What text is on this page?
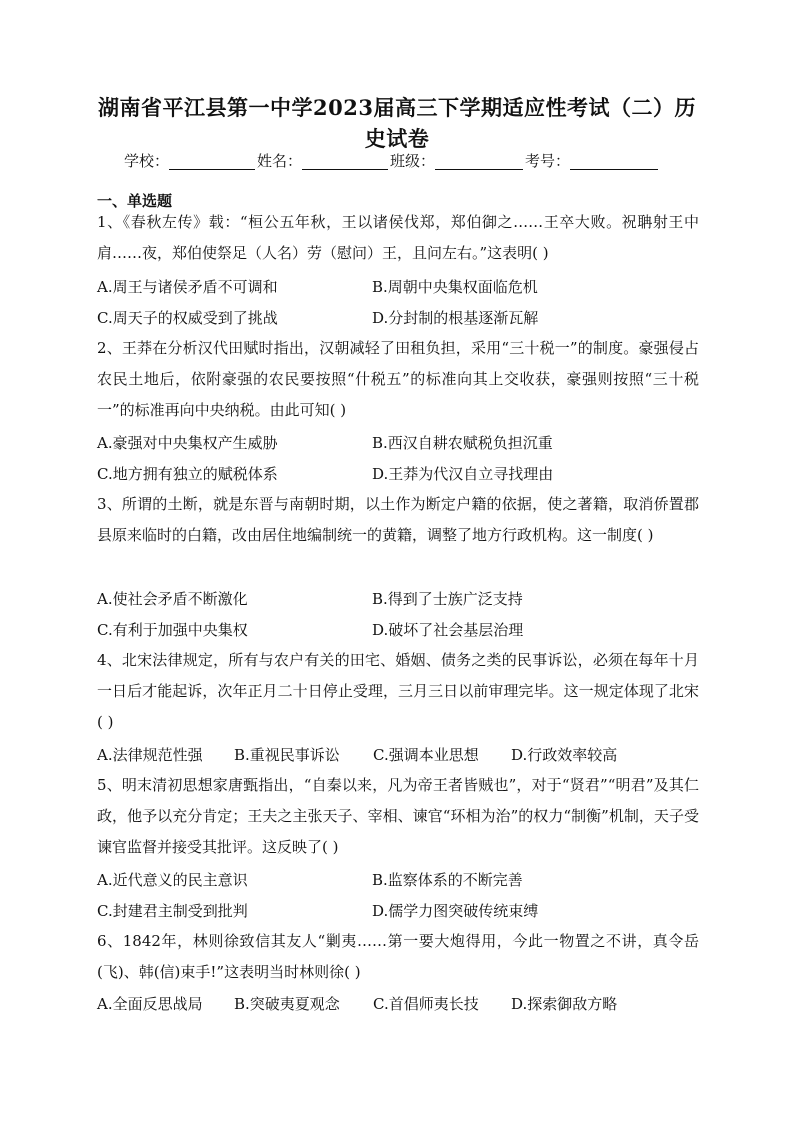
湖南省平江县第一中学2023届高三下学期适应性考试（二）历史试卷
学校：	姓名：	班级：	考号：
一、单选题
1、《春秋左传》载：“桓公五年秋，王以诸侯伐郑，郑伯御之……王卒大败。祝聃射王中肩……夜，郑伯使祭足（人名）劳（慰问）王，且问左右。”这表明( )
A.周王与诸侯矛盾不可调和	B.周朝中央集权面临危机
C.周天子的权威受到了挑战	D.分封制的根基逐渐瓦解
2、王莽在分析汉代田赋时指出，汉朝减轻了田租负担，采用“三十税一”的制度。豪强侵占农民土地后，依附豪强的农民要按照“什税五”的标准向其上交收获，豪强则按照“三十税一”的标准再向中央纳税。由此可知( )
A.豪强对中央集权产生威胁	B.西汉自耕农赋税负担沉重
C.地方拥有独立的赋税体系	D.王莽为代汉自立寻找理由
3、所谓的土断，就是东晋与南朝时期，以土作为断定户籍的依据，使之著籍，取消侨置郡县原来临时的白籍，改由居住地编制统一的黄籍，调整了地方行政机构。这一制度( )
A.使社会矛盾不断激化	B.得到了士族广泛支持
C.有利于加强中央集权	D.破坏了社会基层治理
4、北宋法律规定，所有与农户有关的田宅、婚姻、债务之类的民事诉讼，必须在每年十月一日后才能起诉，次年正月二十日停止受理，三月三日以前审理完毕。这一规定体现了北宋( )
A.法律规范性强 B.重视民事诉讼 C.强调本业思想 D.行政效率较高
5、明末清初思想家唐甄指出，“自秦以来，凡为帝王者皆贼也”，对于“贤君”“明君”及其仁政，他予以充分肯定；王夫之主张天子、宰相、谏官“环相为治”的权力“制衡”机制，天子受谏官监督并接受其批评。这反映了( )
A.近代意义的民主意识	B.监察体系的不断完善
C.封建君主制受到批判	D.儒学力图突破传统束缚
6、1842年，林则徐致信其友人“剿夷……第一要大炮得用，今此一物置之不讲，真令岳(飞)、韩(信)束手!”这表明当时林则徐( )
A.全面反思战局 B.突破夷夏观念 C.首倡师夷长技 D.探索御敌方略
